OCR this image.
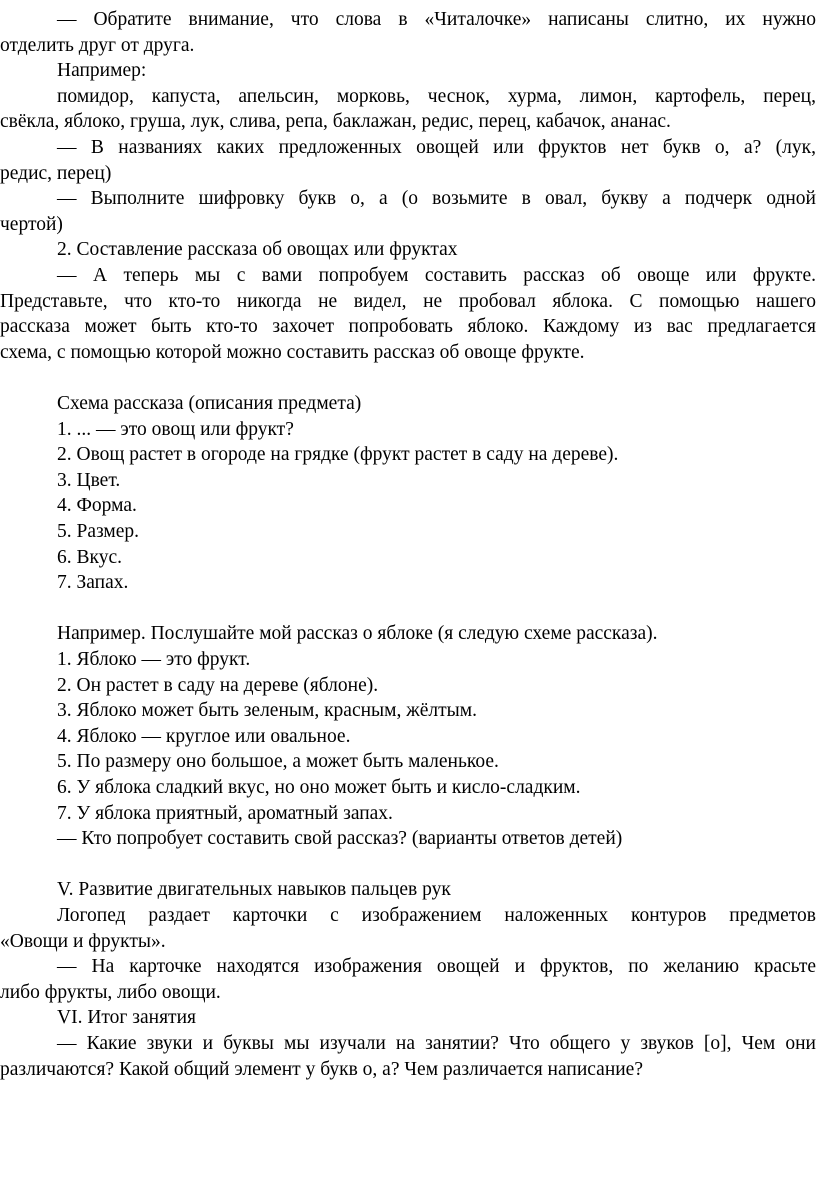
— Обратите внимание, что слова в «Читалочке» написаны слитно, их нужно
отделить друг от друга.
Например:
помидор, капуста, апельсин, морковь, чеснок, хурма, лимон, картофель, перец,
свёкла, яблоко, груша, лук, слива, репа, баклажан, редис, перец, кабачок, ананас.
— В названиях каких предложенных овощей или фруктов нет букв о, а? (лук,
редис, перец)
— Выполните шифровку букв о, а (о возьмите в овал, букву а подчерк одной
чертой)
2. Составление рассказа об овощах или фруктах
— А теперь мы с вами попробуем составить рассказ об овоще или фрукте.
Представьте, что кто-то никогда не видел, не пробовал яблока. С помощью нашего
рассказа может быть кто-то захочет попробовать яблоко. Каждому из вас предлагается
схема, с помощью которой можно составить рассказ об овоще фрукте.
Схема рассказа (описания предмета)
1. ... — это овощ или фрукт?
2. Овощ растет в огороде на грядке (фрукт растет в саду на дереве).
3. Цвет.
4. Форма.
5. Размер.
6. Вкус.
7. Запах.
Например. Послушайте мой рассказ о яблоке (я следую схеме рассказа).
1. Яблоко — это фрукт.
2. Он растет в саду на дереве (яблоне).
3. Яблоко может быть зеленым, красным, жёлтым.
4. Яблоко — круглое или овальное.
5. По размеру оно большое, а может быть маленькое.
6. У яблока сладкий вкус, но оно может быть и кисло-сладким.
7. У яблока приятный, ароматный запах.
— Кто попробует составить свой рассказ? (варианты ответов детей)
V. Развитие двигательных навыков пальцев рук
Логопед раздает карточки с изображением наложенных контуров предметов
«Овощи и фрукты».
— На карточке находятся изображения овощей и фруктов, по желанию красьте
либо фрукты, либо овощи.
VI. Итог занятия
— Какие звуки и буквы мы изучали на занятии? Что общего у звуков [о], Чем они
различаются? Какой общий элемент у букв о, а? Чем различается написание?
